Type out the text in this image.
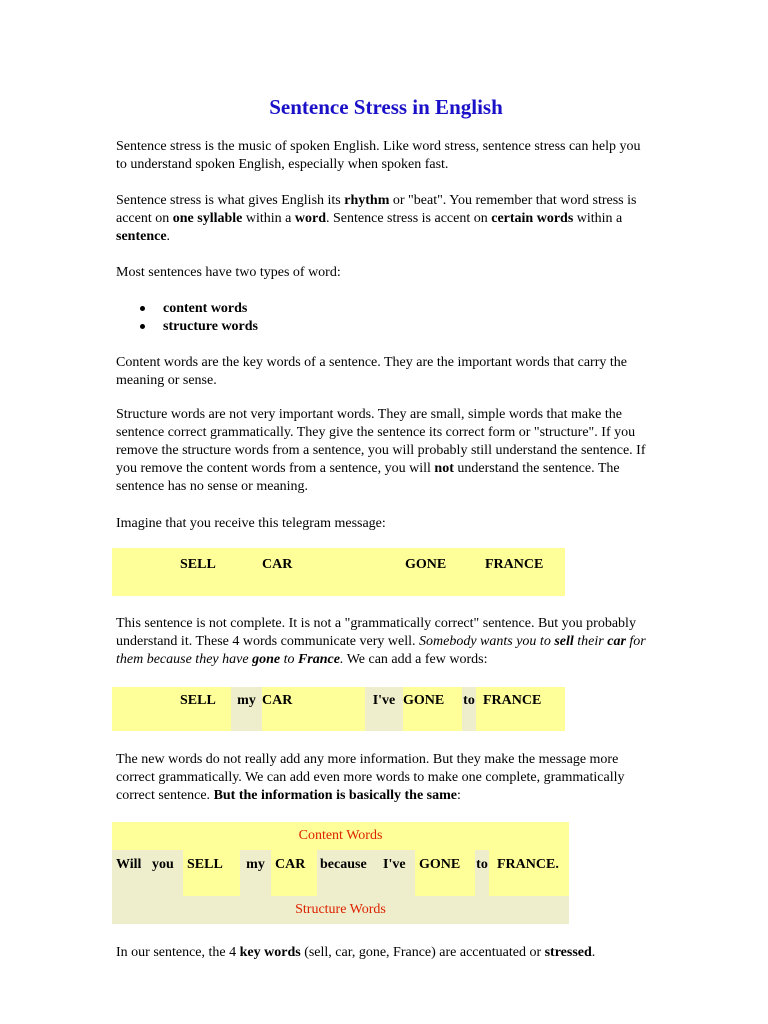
Sentence Stress in English

Sentence stress is the music of spoken English. Like word stress, sentence stress can help you to understand spoken English, especially when spoken fast.

Sentence stress is what gives English its rhythm or "beat". You remember that word stress is accent on one syllable within a word. Sentence stress is accent on certain words within a sentence.

Most sentences have two types of word:

content words
structure words

Content words are the key words of a sentence. They are the important words that carry the meaning or sense.

Structure words are not very important words. They are small, simple words that make the sentence correct grammatically. They give the sentence its correct form or "structure". If you remove the structure words from a sentence, you will probably still understand the sentence. If you remove the content words from a sentence, you will not understand the sentence. The sentence has no sense or meaning.

Imagine that you receive this telegram message:

	SELL	CAR	GONE	FRANCE

This sentence is not complete. It is not a "grammatically correct" sentence. But you probably understand it. These 4 words communicate very well. Somebody wants you to sell their car for them because they have gone to France. We can add a few words:

	SELL	my	CAR	I've	GONE	to	FRANCE

The new words do not really add any more information. But they make the message more correct grammatically. We can add even more words to make one complete, grammatically correct sentence. But the information is basically the same:

Content Words
Will	you	SELL	my	CAR	because	I've	GONE	to	FRANCE.
Structure Words

In our sentence, the 4 key words (sell, car, gone, France) are accentuated or stressed.
